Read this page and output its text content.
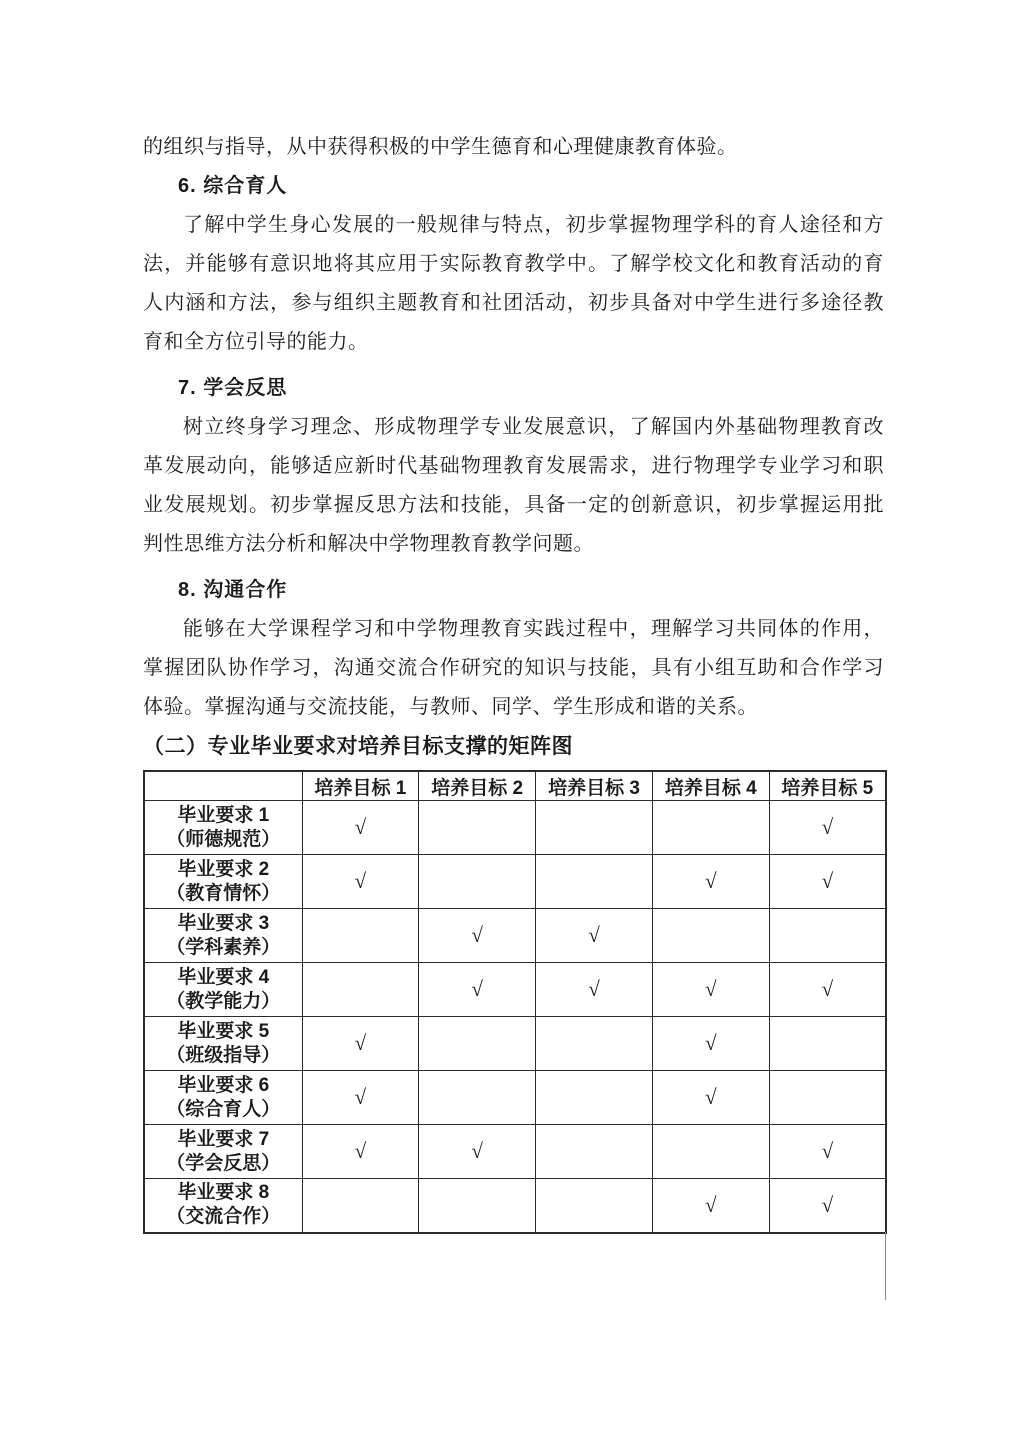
的组织与指导，从中获得积极的中学生德育和心理健康教育体验。

6. 综合育人

了解中学生身心发展的一般规律与特点，初步掌握物理学科的育人途径和方

法，并能够有意识地将其应用于实际教育教学中。了解学校文化和教育活动的育

人内涵和方法，参与组织主题教育和社团活动，初步具备对中学生进行多途径教

育和全方位引导的能力。

7. 学会反思

树立终身学习理念、形成物理学专业发展意识，了解国内外基础物理教育改

革发展动向，能够适应新时代基础物理教育发展需求，进行物理学专业学习和职

业发展规划。初步掌握反思方法和技能，具备一定的创新意识，初步掌握运用批

判性思维方法分析和解决中学物理教育教学问题。

8. 沟通合作

能够在大学课程学习和中学物理教育实践过程中，理解学习共同体的作用，

掌握团队协作学习，沟通交流合作研究的知识与技能，具有小组互助和合作学习

体验。掌握沟通与交流技能，与教师、同学、学生形成和谐的关系。

（二）专业毕业要求对培养目标支撑的矩阵图
	培养目标 1	培养目标 2	培养目标 3	培养目标 4	培养目标 5

毕业要求 1
（师德规范）	√				√

毕业要求 2
（教育情怀）	√			√	√

毕业要求 3
（学科素养）		√	√		

毕业要求 4
（教学能力）		√	√	√	√

毕业要求 5
（班级指导）	√			√	

毕业要求 6
（综合育人）	√			√	

毕业要求 7
（学会反思）	√	√			√

毕业要求 8
（交流合作）				√	√
